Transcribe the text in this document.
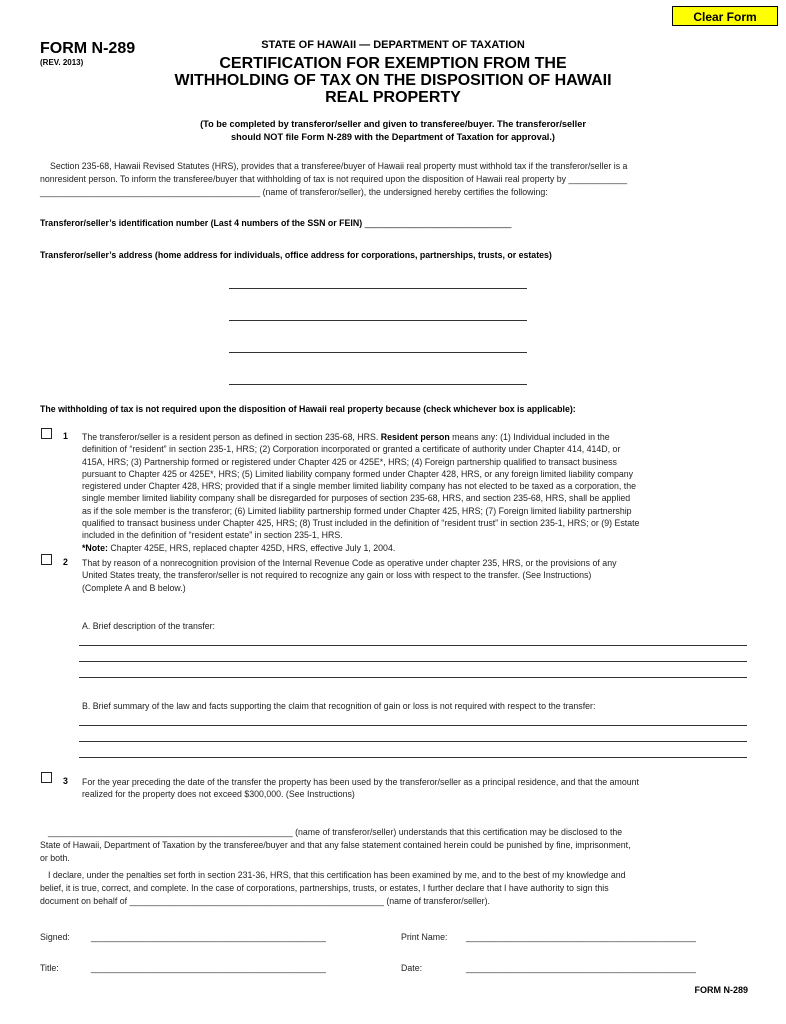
Clear Form
FORM N-289
(REV. 2013)
STATE OF HAWAII — DEPARTMENT OF TAXATION
CERTIFICATION FOR EXEMPTION FROM THE
WITHHOLDING OF TAX ON THE DISPOSITION OF HAWAII
REAL PROPERTY
(To be completed by transferor/seller and given to transferee/buyer. The transferor/seller
should NOT file Form N-289 with the Department of Taxation for approval.)
Section 235-68, Hawaii Revised Statutes (HRS), provides that a transferee/buyer of Hawaii real property must withhold tax if the transferor/seller is a
nonresident person. To inform the transferee/buyer that withholding of tax is not required upon the disposition of Hawaii real property by ____________
_____________________________________________ (name of transferor/seller), the undersigned hereby certifies the following:
Transferor/seller’s identification number (Last 4 numbers of the SSN or FEIN) ______________________________
Transferor/seller’s address (home address for individuals, office address for corporations, partnerships, trusts, or estates)
The withholding of tax is not required upon the disposition of Hawaii real property because (check whichever box is applicable):
1 The transferor/seller is a resident person as defined in section 235-68, HRS. Resident person means any: (1) Individual included in the
definition of “resident” in section 235-1, HRS; (2) Corporation incorporated or granted a certificate of authority under Chapter 414, 414D, or
415A, HRS; (3) Partnership formed or registered under Chapter 425 or 425E*, HRS; (4) Foreign partnership qualified to transact business
pursuant to Chapter 425 or 425E*, HRS; (5) Limited liability company formed under Chapter 428, HRS, or any foreign limited liability company
registered under Chapter 428, HRS; provided that if a single member limited liability company has not elected to be taxed as a corporation, the
single member limited liability company shall be disregarded for purposes of section 235-68, HRS, and section 235-68, HRS, shall be applied
as if the sole member is the transferor; (6) Limited liability partnership formed under Chapter 425, HRS; (7) Foreign limited liability partnership
qualified to transact business under Chapter 425, HRS; (8) Trust included in the definition of “resident trust” in section 235-1, HRS; or (9) Estate
included in the definition of “resident estate” in section 235-1, HRS.
*Note: Chapter 425E, HRS, replaced chapter 425D, HRS, effective July 1, 2004.
2 That by reason of a nonrecognition provision of the Internal Revenue Code as operative under chapter 235, HRS, or the provisions of any
United States treaty, the transferor/seller is not required to recognize any gain or loss with respect to the transfer. (See Instructions)
(Complete A and B below.)
A. Brief description of the transfer:
B. Brief summary of the law and facts supporting the claim that recognition of gain or loss is not required with respect to the transfer:
3 For the year preceding the date of the transfer the property has been used by the transferor/seller as a principal residence, and that the amount
realized for the property does not exceed $300,000. (See Instructions)
__________________________________________________ (name of transferor/seller) understands that this certification may be disclosed to the
State of Hawaii, Department of Taxation by the transferee/buyer and that any false statement contained herein could be punished by fine, imprisonment,
or both.
I declare, under the penalties set forth in section 231-36, HRS, that this certification has been examined by me, and to the best of my knowledge and
belief, it is true, correct, and complete. In the case of corporations, partnerships, trusts, or estates, I further declare that I have authority to sign this
document on behalf of ____________________________________________________ (name of transferor/seller).
Signed: ________________________________________________	Print Name: _______________________________________________
Title:	________________________________________________	Date:	_______________________________________________
FORM N-289
